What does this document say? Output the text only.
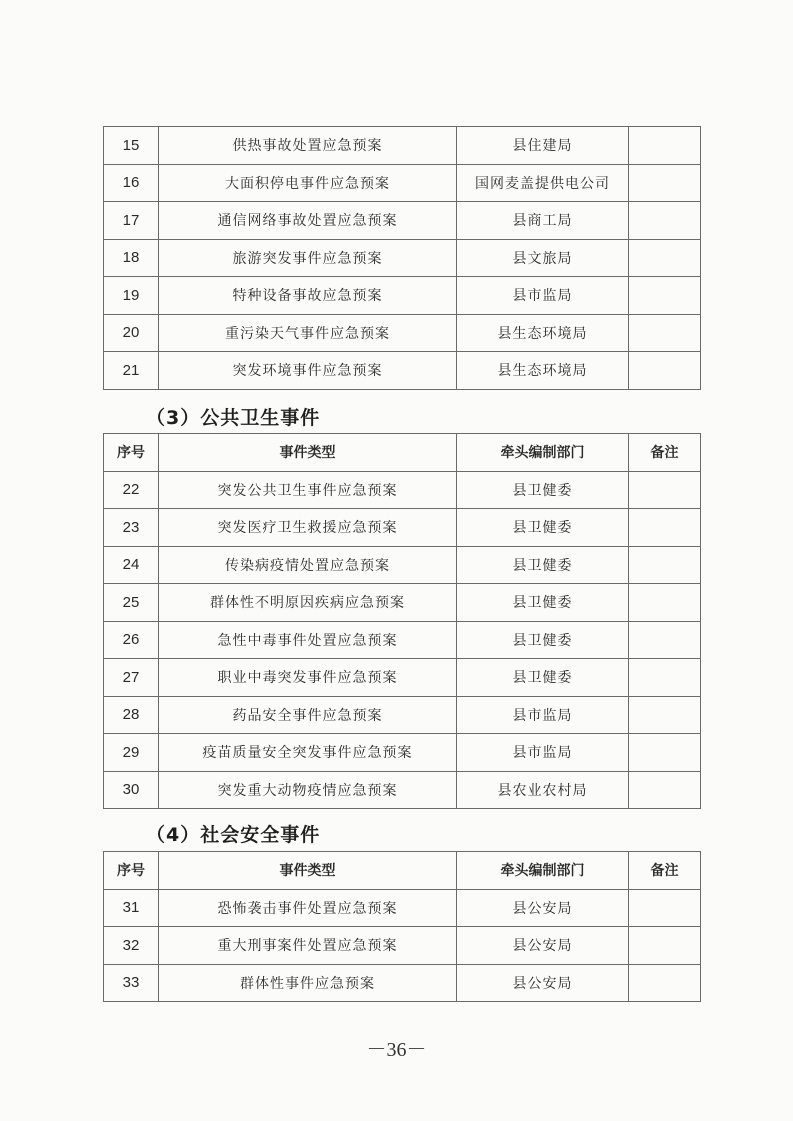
15	供热事故处置应急预案	县住建局	
16	大面积停电事件应急预案	国网麦盖提供电公司	
17	通信网络事故处置应急预案	县商工局	
18	旅游突发事件应急预案	县文旅局	
19	特种设备事故应急预案	县市监局	
20	重污染天气事件应急预案	县生态环境局	
21	突发环境事件应急预案	县生态环境局	
（3）公共卫生事件
序号	事件类型	牵头编制部门	备注
22	突发公共卫生事件应急预案	县卫健委	
23	突发医疗卫生救援应急预案	县卫健委	
24	传染病疫情处置应急预案	县卫健委	
25	群体性不明原因疾病应急预案	县卫健委	
26	急性中毒事件处置应急预案	县卫健委	
27	职业中毒突发事件应急预案	县卫健委	
28	药品安全事件应急预案	县市监局	
29	疫苗质量安全突发事件应急预案	县市监局	
30	突发重大动物疫情应急预案	县农业农村局	
（4）社会安全事件
序号	事件类型	牵头编制部门	备注
31	恐怖袭击事件处置应急预案	县公安局	
32	重大刑事案件处置应急预案	县公安局	
33	群体性事件应急预案	县公安局	
－36－
